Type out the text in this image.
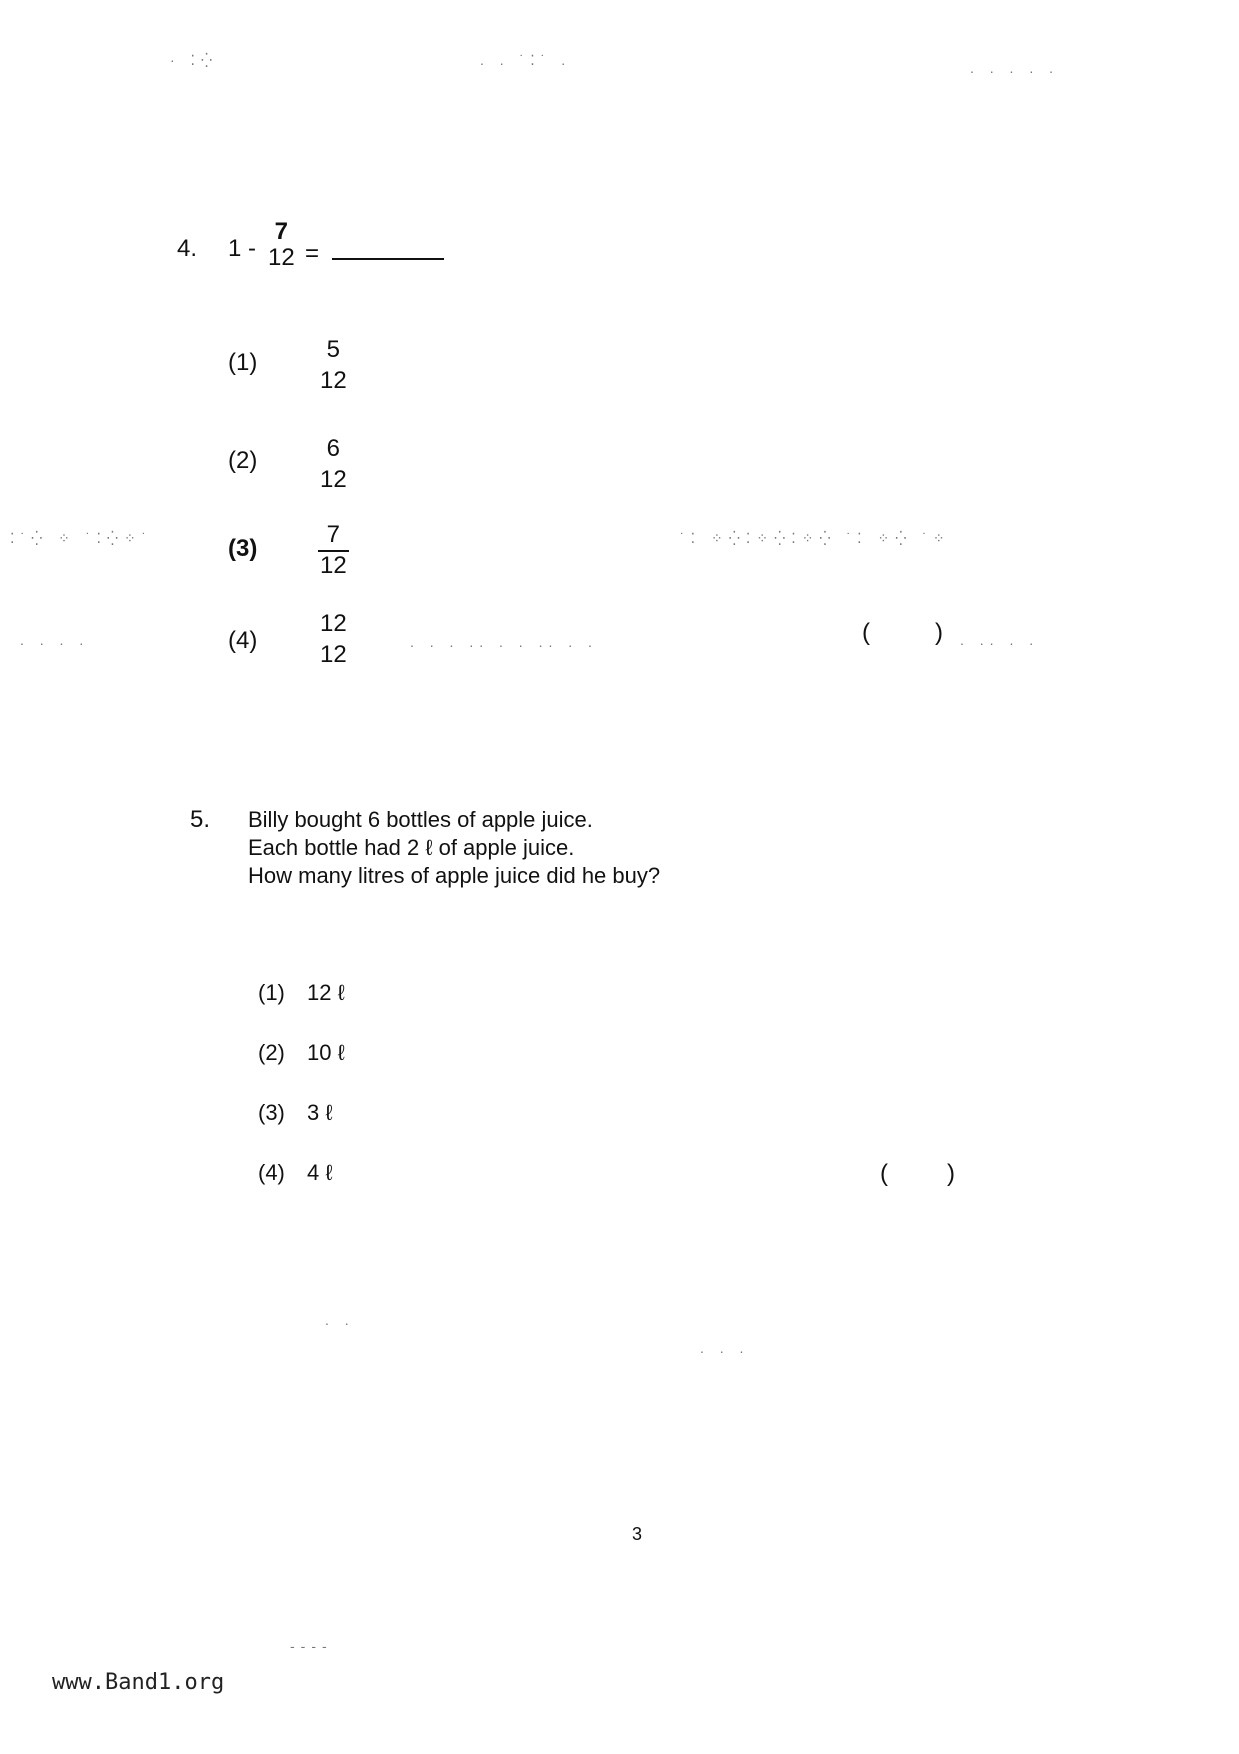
· ⁚⁛	. . ˙⁚˙ .	. . . . .
⁚˙⁛ ⁘ ˙⁚⁛⁘˙	˙⁚ ⁘⁛⁚⁘⁛⁚⁘⁛ ˙⁚ ⁘⁛ ˙⁘
. . . .	. . . .. . . .. . .	. .. . .
4. 1 -
7
12 =
(1)	5
12
(2)	6
12
(3)
7
12
(4)
12
12
(	)
5. Billy bought 6 bottles of apple juice.
Each bottle had 2 ℓ of apple juice.
How many litres of apple juice did he buy?
(1) 12 ℓ
(2) 10 ℓ
(3) 3 ℓ
(4) 4 ℓ	( )
. .
. . .
----
3
www.Band1.org
